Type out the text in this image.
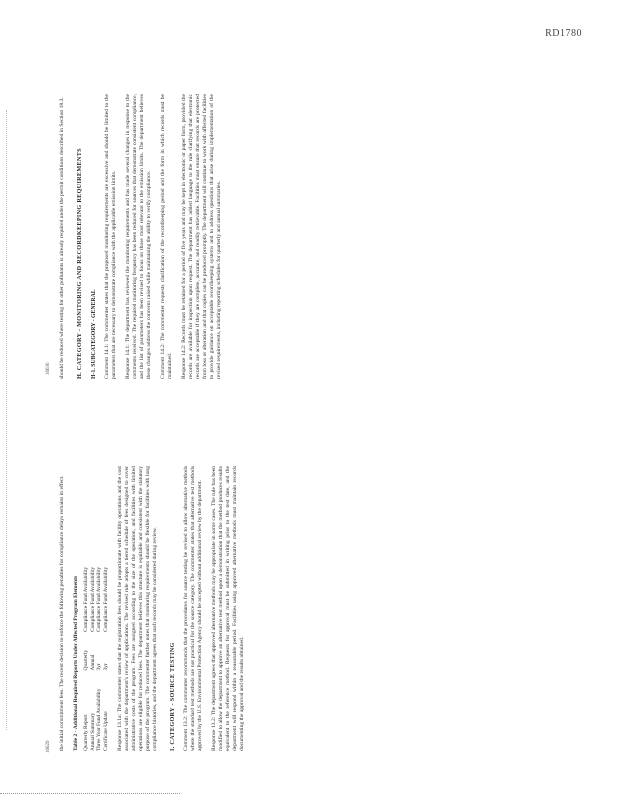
RD1780
16629
16630

the initial commitment fees. The recent decision to enforce the following penalties for compliance delays remains in effect. Table 2 - Additional Required Reports Under Affected Program Elements Quarterly Report	Quarterly	Compliance Fund Availability
Annual Summary	Annual	Compliance Fund Availability
Three Year Fund Availability	3yr	Compliance Fund Availability
Certificate Update	3yr	Compliance Fund Availability Response 13.1a: The commenter states that the registration fees should be proportionate with facility operations and the cost associated with the department's review of applications. The revised rule adopts a tiered schedule of fees designed to cover administrative costs of the program. Fees are assigned according to the size of the operation, and facilities with limited operations are eligible for reduced fees. The department believes this structure is equitable and consistent with the statutory purpose of the program. The commenter further notes that monitoring requirements should be flexible for facilities with long compliance histories, and the department agrees that such records may be considered during review. I. CATEGORY - SOURCE TESTING Comment 13.2: The commenter recommends that the procedures for source testing be revised to allow alternative methods where the standard test methods are not practical for the source category. The commenter states that alternative test methods approved by the U.S. Environmental Protection Agency should be accepted without additional review by the department. Response 13.2: The department agrees that approved alternative methods may be appropriate in some cases. The rule has been modified to allow the department to approve an alternative test method upon a demonstration that the method produces results equivalent to the reference method. Requests for approval must be submitted in writing prior to the test date, and the department will respond within a reasonable period. Facilities using approved alternative methods must maintain records documenting the approval and the results obtained.

should be reduced where testing for other pollutants is already required under the permit conditions described in Section 18.3. H. CATEGORY - MONITORING AND RECORDKEEPING REQUIREMENTS H-1. SUBCATEGORY - GENERAL Comment 14.1: The commenter states that the proposed monitoring requirements are excessive and should be limited to the parameters that are necessary to demonstrate compliance with the applicable emission limits. Response 14.1: The department has reviewed the monitoring requirements and has made several changes in response to the comments received. The required monitoring frequency has been reduced for sources that demonstrate consistent compliance, and the list of parameters has been revised to focus on those most relevant to the emission limits. The department believes these changes address the concerns raised while maintaining the ability to verify compliance. Comment 14.2: The commenter requests clarification of the recordkeeping period and the form in which records must be maintained. Response 14.2: Records must be retained for a period of five years and may be kept in electronic or paper form, provided the records are available for inspection upon request. The department has added language to the rule clarifying that electronic records are acceptable if they are complete, accurate, and readily retrievable. Facilities must ensure that records are protected from loss or alteration and that copies can be produced promptly. The department will continue to work with affected facilities to provide guidance on acceptable recordkeeping systems and to address questions that arise during implementation of the revised requirements, including reporting schedules for quarterly and annual summaries.
